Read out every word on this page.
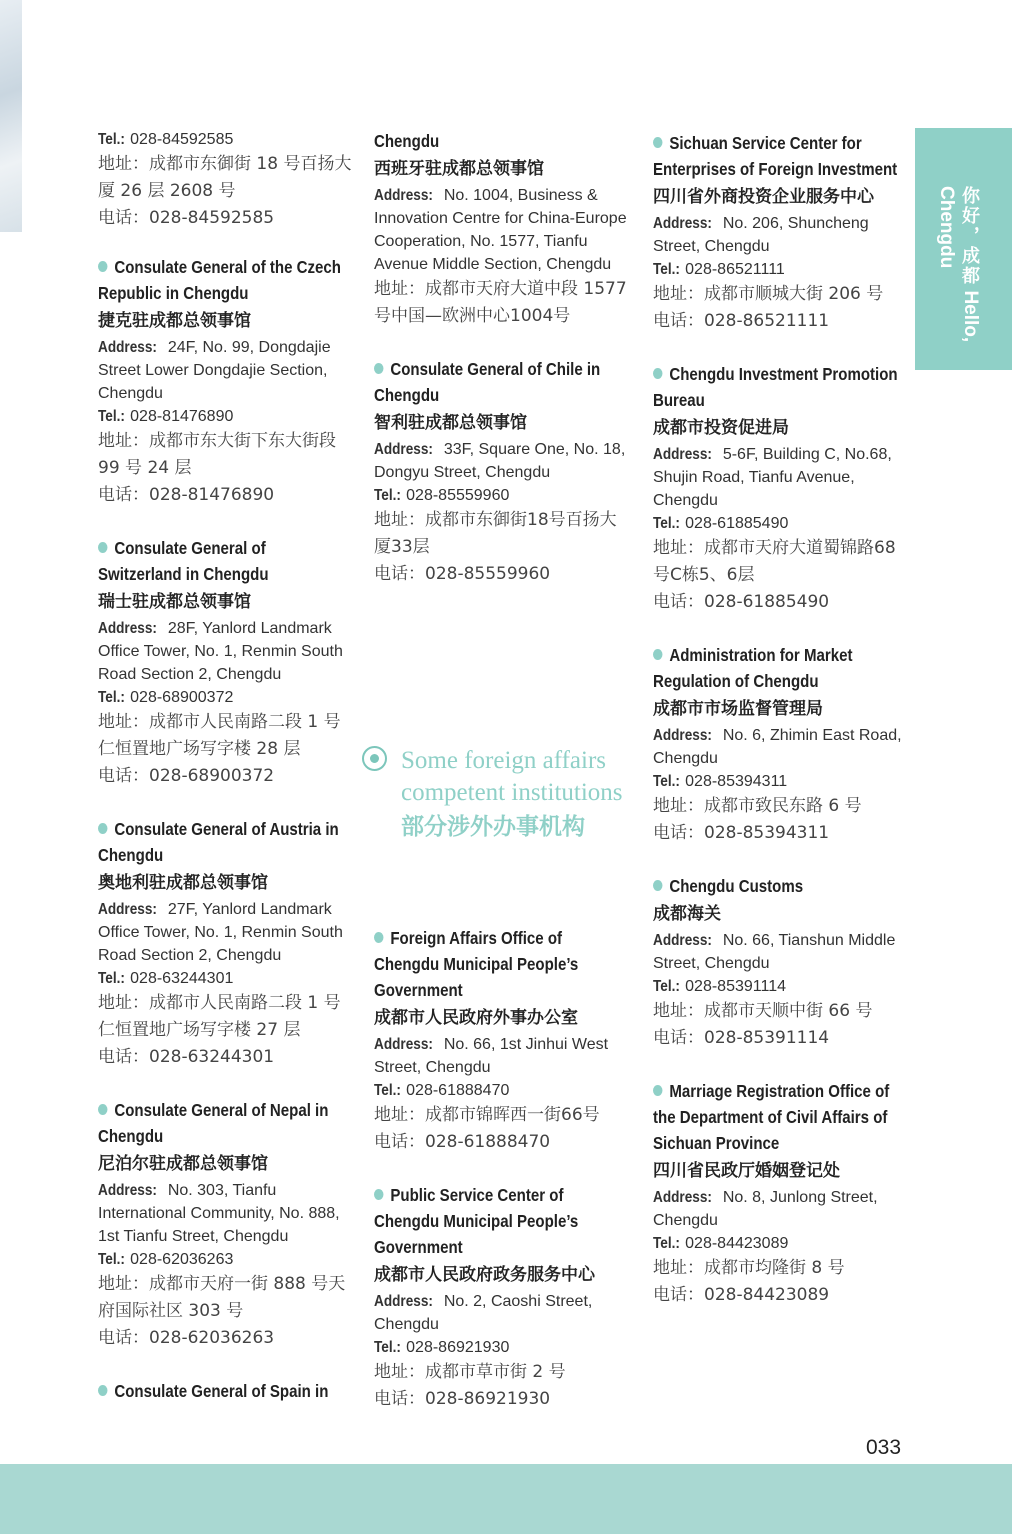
你好，成都 Hello, Chengdu
Tel.: 028-84592585
地址：成都市东御街 18 号百扬大厦 26 层 2608 号
电话：028-84592585
Consulate General of the Czech Republic in Chengdu
捷克驻成都总领事馆
Address: 24F, No. 99, Dongdajie Street Lower Dongdajie Section, Chengdu
Tel.: 028-81476890
地址：成都市东大街下东大街段 99 号 24 层
电话：028-81476890
Consulate General of Switzerland in Chengdu
瑞士驻成都总领事馆
Address: 28F, Yanlord Landmark Office Tower, No. 1, Renmin South Road Section 2, Chengdu
Tel.: 028-68900372
地址：成都市人民南路二段 1 号仁恒置地广场写字楼 28 层
电话：028-68900372
Consulate General of Austria in Chengdu
奥地利驻成都总领事馆
Address: 27F, Yanlord Landmark Office Tower, No. 1, Renmin South Road Section 2, Chengdu
Tel.: 028-63244301
地址：成都市人民南路二段 1 号仁恒置地广场写字楼 27 层
电话：028-63244301
Consulate General of Nepal in Chengdu
尼泊尔驻成都总领事馆
Address: No. 303, Tianfu International Community, No. 888, 1st Tianfu Street, Chengdu
Tel.: 028-62036263
地址：成都市天府一街 888 号天府国际社区 303 号
电话：028-62036263
Consulate General of Spain in
Chengdu
西班牙驻成都总领事馆
Address: No. 1004, Business & Innovation Centre for China-Europe Cooperation, No. 1577, Tianfu Avenue Middle Section, Chengdu
地址：成都市天府大道中段 1577号中国—欧洲中心1004号
Consulate General of Chile in Chengdu
智利驻成都总领事馆
Address: 33F, Square One, No. 18, Dongyu Street, Chengdu
Tel.: 028-85559960
地址：成都市东御街18号百扬大厦33层
电话：028-85559960
Some foreign affairs competent institutions
部分涉外办事机构
Foreign Affairs Office of Chengdu Municipal People’s Government
成都市人民政府外事办公室
Address: No. 66, 1st Jinhui West Street, Chengdu
Tel.: 028-61888470
地址：成都市锦晖西一街66号
电话：028-61888470
Public Service Center of Chengdu Municipal People’s Government
成都市人民政府政务服务中心
Address: No. 2, Caoshi Street, Chengdu
Tel.: 028-86921930
地址：成都市草市街 2 号
电话：028-86921930
Sichuan Service Center for Enterprises of Foreign Investment
四川省外商投资企业服务中心
Address: No. 206, Shuncheng Street, Chengdu
Tel.: 028-86521111
地址：成都市顺城大街 206 号
电话：028-86521111
Chengdu Investment Promotion Bureau
成都市投资促进局
Address: 5-6F, Building C, No.68, Shujin Road, Tianfu Avenue, Chengdu
Tel.: 028-61885490
地址：成都市天府大道蜀锦路68号C栋5、6层
电话：028-61885490
Administration for Market Regulation of Chengdu
成都市市场监督管理局
Address: No. 6, Zhimin East Road, Chengdu
Tel.: 028-85394311
地址：成都市致民东路 6 号
电话：028-85394311
Chengdu Customs
成都海关
Address: No. 66, Tianshun Middle Street, Chengdu
Tel.: 028-85391114
地址：成都市天顺中街 66 号
电话：028-85391114
Marriage Registration Office of the Department of Civil Affairs of Sichuan Province
四川省民政厅婚姻登记处
Address: No. 8, Junlong Street, Chengdu
Tel.: 028-84423089
地址：成都市均隆街 8 号
电话：028-84423089
033
